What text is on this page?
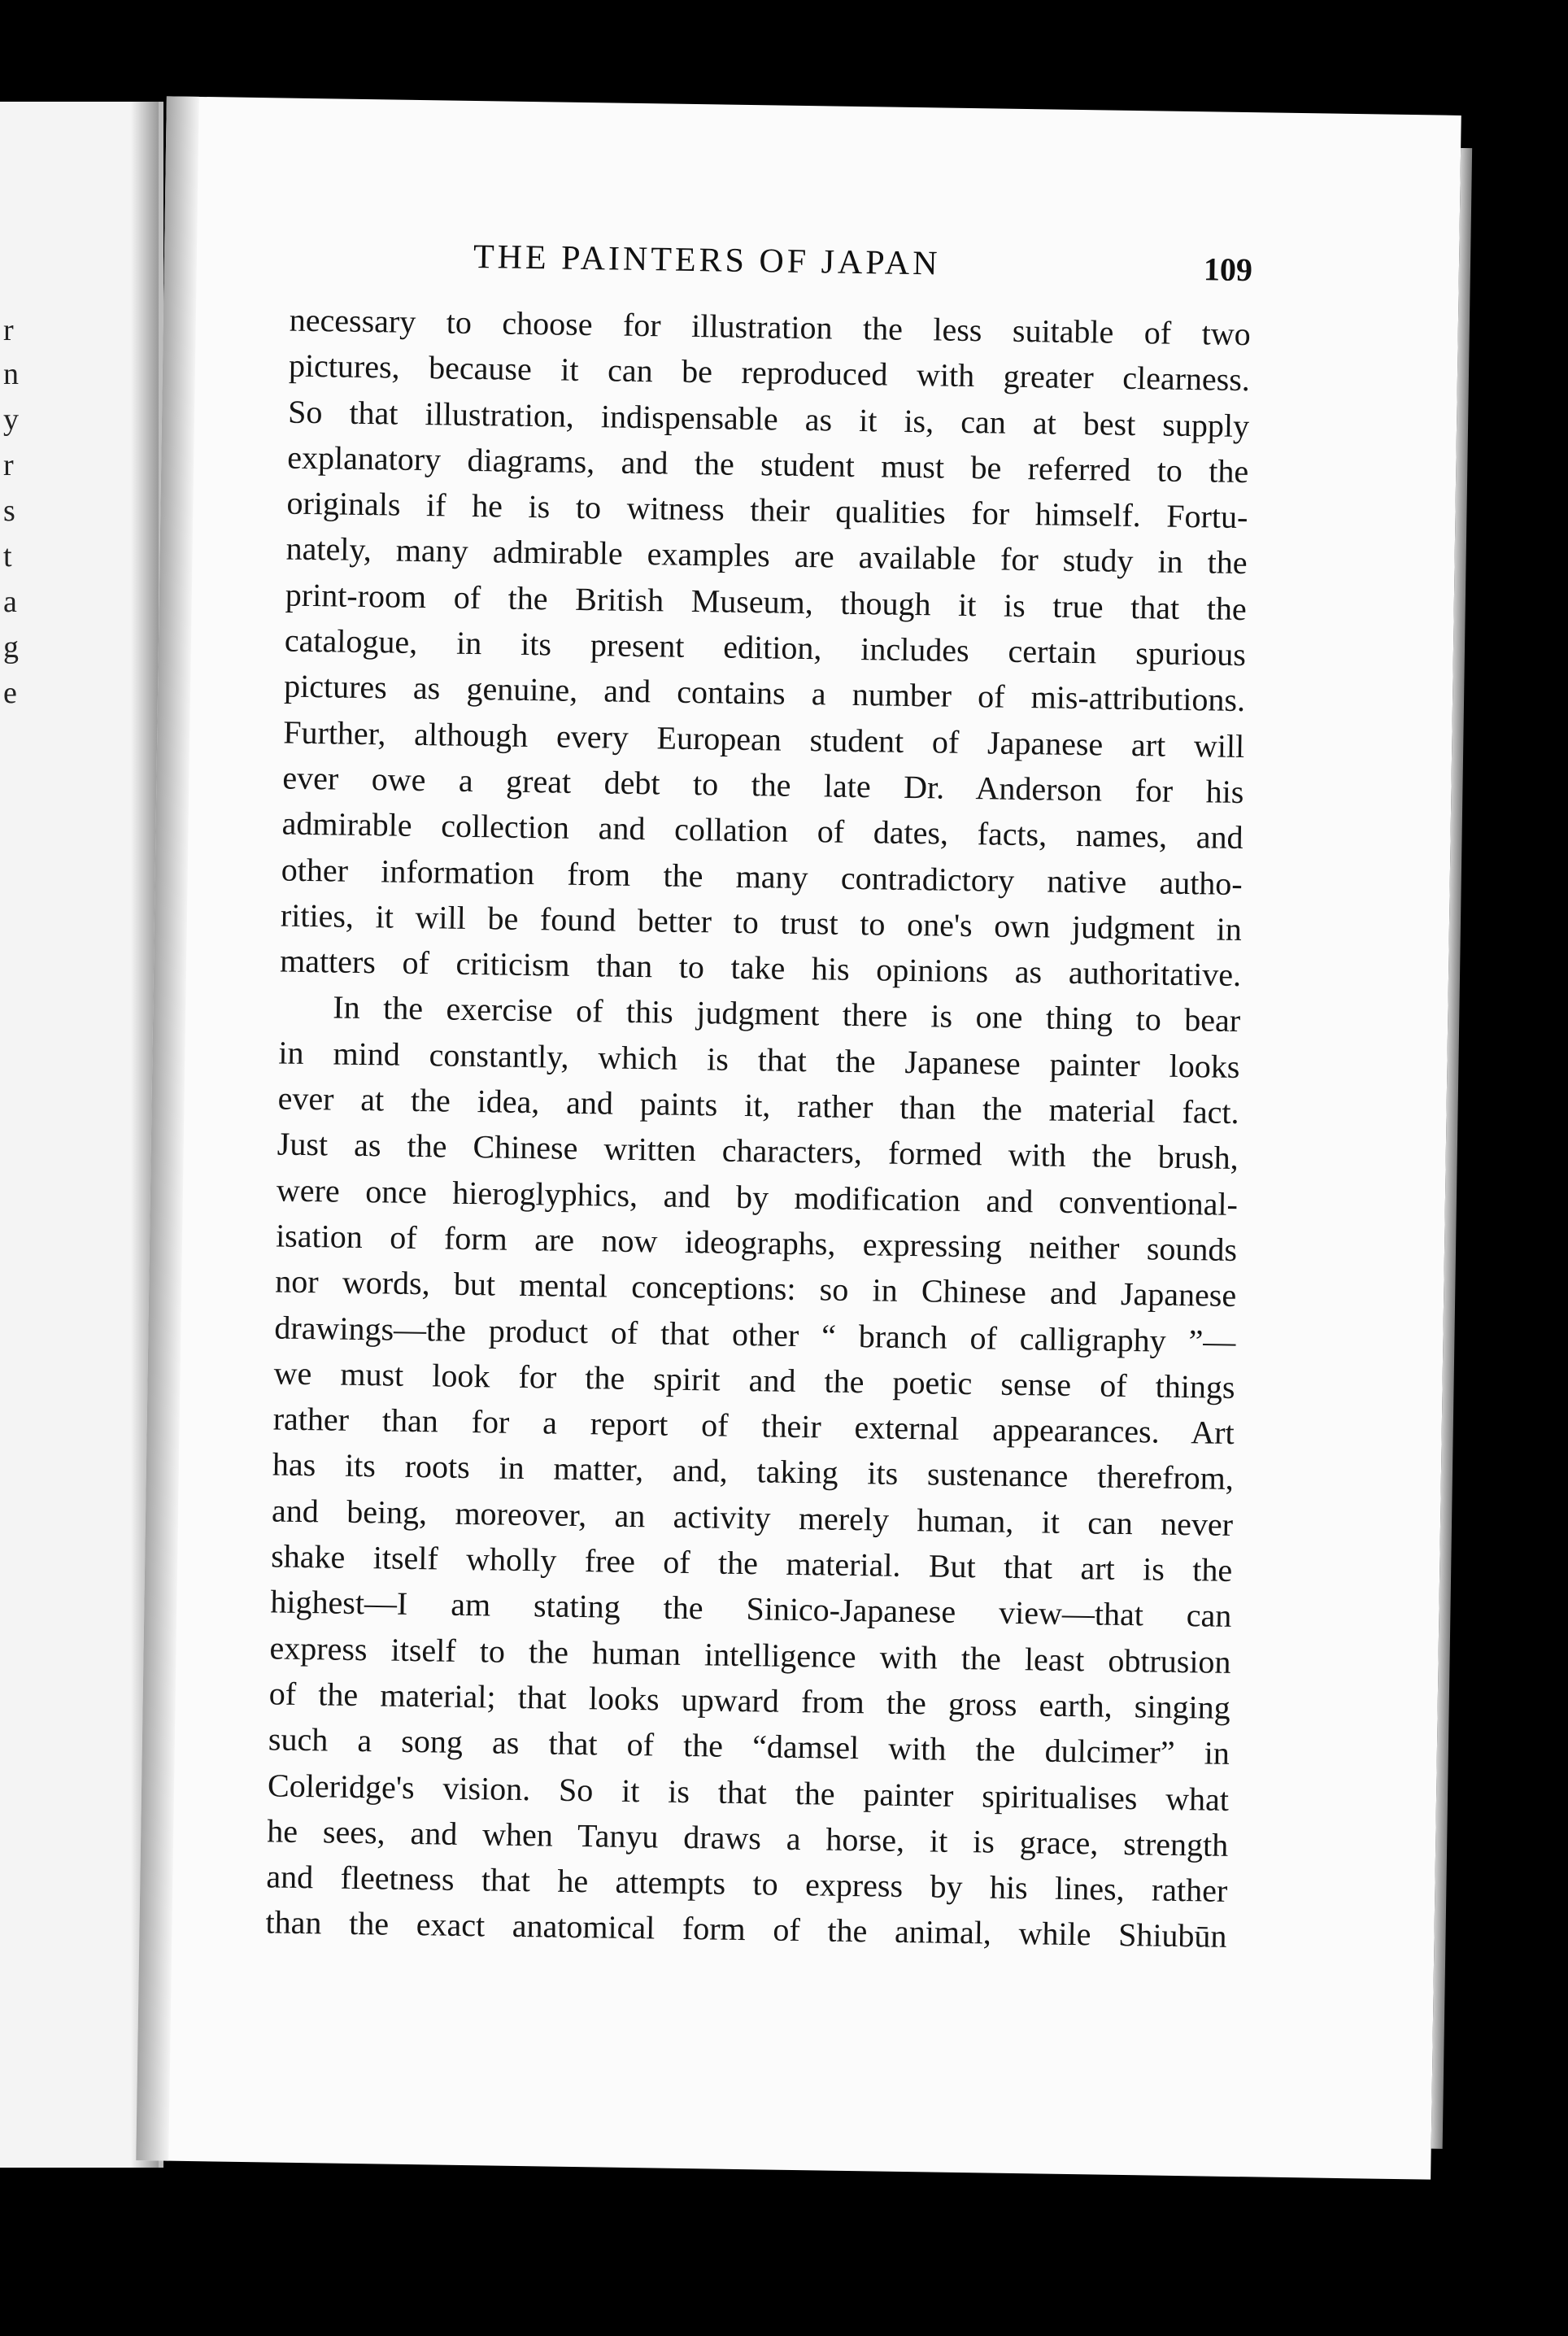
r
n
y
r
s
t
a
g
e
THE PAINTERS OF JAPAN	109
necessary to choose for illustration the less suitable of two
pictures, because it can be reproduced with greater clearness.
So that illustration, indispensable as it is, can at best supply
explanatory diagrams, and the student must be referred to the
originals if he is to witness their qualities for himself. Fortu-
nately, many admirable examples are available for study in the
print-room of the British Museum, though it is true that the
catalogue, in its present edition, includes certain spurious
pictures as genuine, and contains a number of mis-attributions.
Further, although every European student of Japanese art will
ever owe a great debt to the late Dr. Anderson for his
admirable collection and collation of dates, facts, names, and
other information from the many contradictory native autho-
rities, it will be found better to trust to one's own judgment in
matters of criticism than to take his opinions as authoritative.
In the exercise of this judgment there is one thing to bear
in mind constantly, which is that the Japanese painter looks
ever at the idea, and paints it, rather than the material fact.
Just as the Chinese written characters, formed with the brush,
were once hieroglyphics, and by modification and conventional-
isation of form are now ideographs, expressing neither sounds
nor words, but mental conceptions: so in Chinese and Japanese
drawings—the product of that other “ branch of calligraphy ”—
we must look for the spirit and the poetic sense of things
rather than for a report of their external appearances. Art
has its roots in matter, and, taking its sustenance therefrom,
and being, moreover, an activity merely human, it can never
shake itself wholly free of the material. But that art is the
highest—I am stating the Sinico-Japanese view—that can
express itself to the human intelligence with the least obtrusion
of the material; that looks upward from the gross earth, singing
such a song as that of the “damsel with the dulcimer” in
Coleridge's vision. So it is that the painter spiritualises what
he sees, and when Tanyu draws a horse, it is grace, strength
and fleetness that he attempts to express by his lines, rather
than the exact anatomical form of the animal, while Shiubūn
